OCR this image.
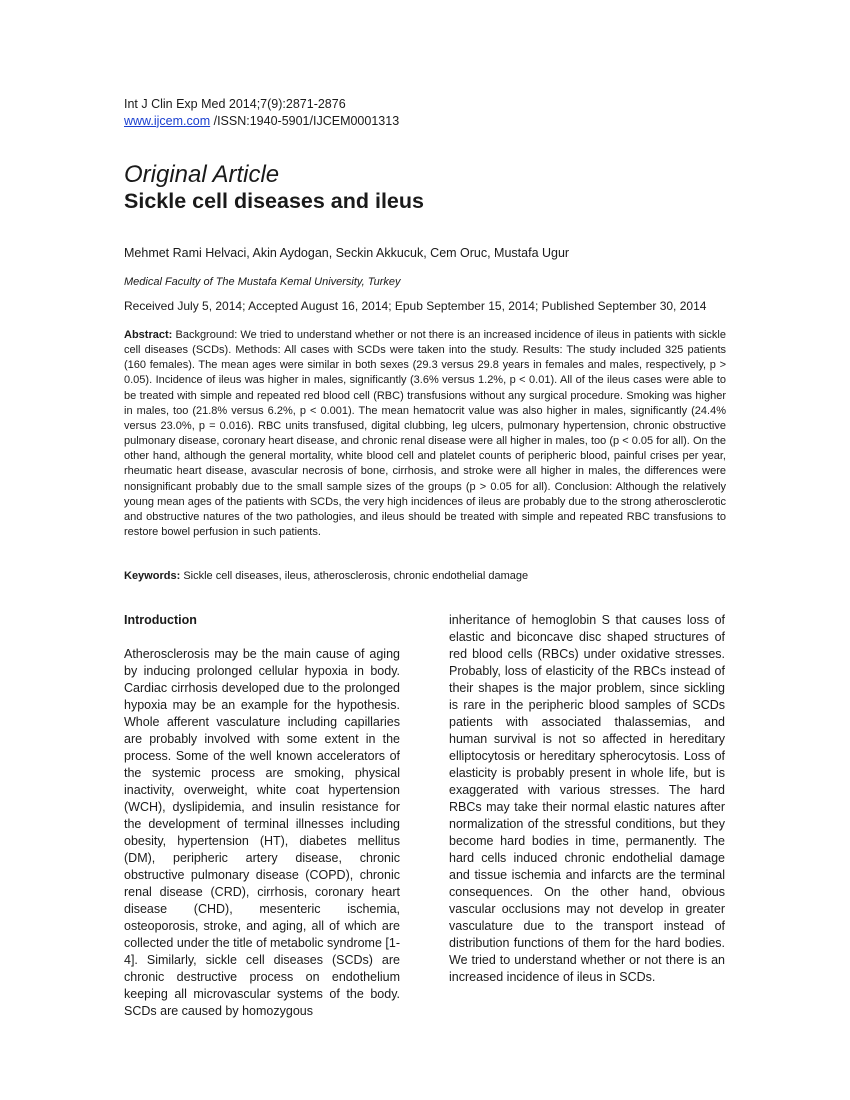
Int J Clin Exp Med 2014;7(9):2871-2876
www.ijcem.com /ISSN:1940-5901/IJCEM0001313
Original Article
Sickle cell diseases and ileus
Mehmet Rami Helvaci, Akin Aydogan, Seckin Akkucuk, Cem Oruc, Mustafa Ugur
Medical Faculty of The Mustafa Kemal University, Turkey
Received July 5, 2014; Accepted August 16, 2014; Epub September 15, 2014; Published September 30, 2014

Abstract: Background: We tried to understand whether or not there is an increased incidence of ileus in patients with sickle cell diseases (SCDs). Methods: All cases with SCDs were taken into the study. Results: The study included 325 patients (160 females). The mean ages were similar in both sexes (29.3 versus 29.8 years in females and males, respectively, p > 0.05). Incidence of ileus was higher in males, significantly (3.6% versus 1.2%, p < 0.01). All of the ileus cases were able to be treated with simple and repeated red blood cell (RBC) transfusions without any surgical procedure. Smoking was higher in males, too (21.8% versus 6.2%, p < 0.001). The mean hematocrit value was also higher in males, significantly (24.4% versus 23.0%, p = 0.016). RBC units transfused, digital clubbing, leg ulcers, pulmonary hypertension, chronic obstructive pulmonary disease, coronary heart disease, and chronic renal disease were all higher in males, too (p < 0.05 for all). On the other hand, although the general mortality, white blood cell and platelet counts of peripheric blood, painful crises per year, rheumatic heart disease, avascular necrosis of bone, cirrhosis, and stroke were all higher in males, the differences were nonsignificant probably due to the small sample sizes of the groups (p > 0.05 for all). Conclusion: Although the relatively young mean ages of the patients with SCDs, the very high incidences of ileus are probably due to the strong atherosclerotic and obstructive natures of the two pathologies, and ileus should be treated with simple and repeated RBC transfusions to restore bowel perfusion in such patients.

Keywords: Sickle cell diseases, ileus, atherosclerosis, chronic endothelial damage
Introduction

Atherosclerosis may be the main cause of aging by inducing prolonged cellular hypoxia in body. Cardiac cirrhosis developed due to the prolonged hypoxia may be an example for the hypothesis. Whole afferent vasculature including capillaries are probably involved with some extent in the process. Some of the well known accelerators of the systemic process are smoking, physical inactivity, overweight, white coat hypertension (WCH), dyslipidemia, and insulin resistance for the development of terminal illnesses including obesity, hypertension (HT), diabetes mellitus (DM), peripheric artery disease, chronic obstructive pulmonary disease (COPD), chronic renal disease (CRD), cirrhosis, coronary heart disease (CHD), mesenteric ischemia, osteoporosis, stroke, and aging, all of which are collected under the title of metabolic syndrome [1-4]. Similarly, sickle cell diseases (SCDs) are chronic destructive process on endothelium keeping all microvascular systems of the body. SCDs are caused by homozygous

inheritance of hemoglobin S that causes loss of elastic and biconcave disc shaped structures of red blood cells (RBCs) under oxidative stresses. Probably, loss of elasticity of the RBCs instead of their shapes is the major problem, since sickling is rare in the peripheric blood samples of SCDs patients with associated thalassemias, and human survival is not so affected in hereditary elliptocytosis or hereditary spherocytosis. Loss of elasticity is probably present in whole life, but is exaggerated with various stresses. The hard RBCs may take their normal elastic natures after normalization of the stressful conditions, but they become hard bodies in time, permanently. The hard cells induced chronic endothelial damage and tissue ischemia and infarcts are the terminal consequences. On the other hand, obvious vascular occlusions may not develop in greater vasculature due to the transport instead of distribution functions of them for the hard bodies. We tried to understand whether or not there is an increased incidence of ileus in SCDs.
